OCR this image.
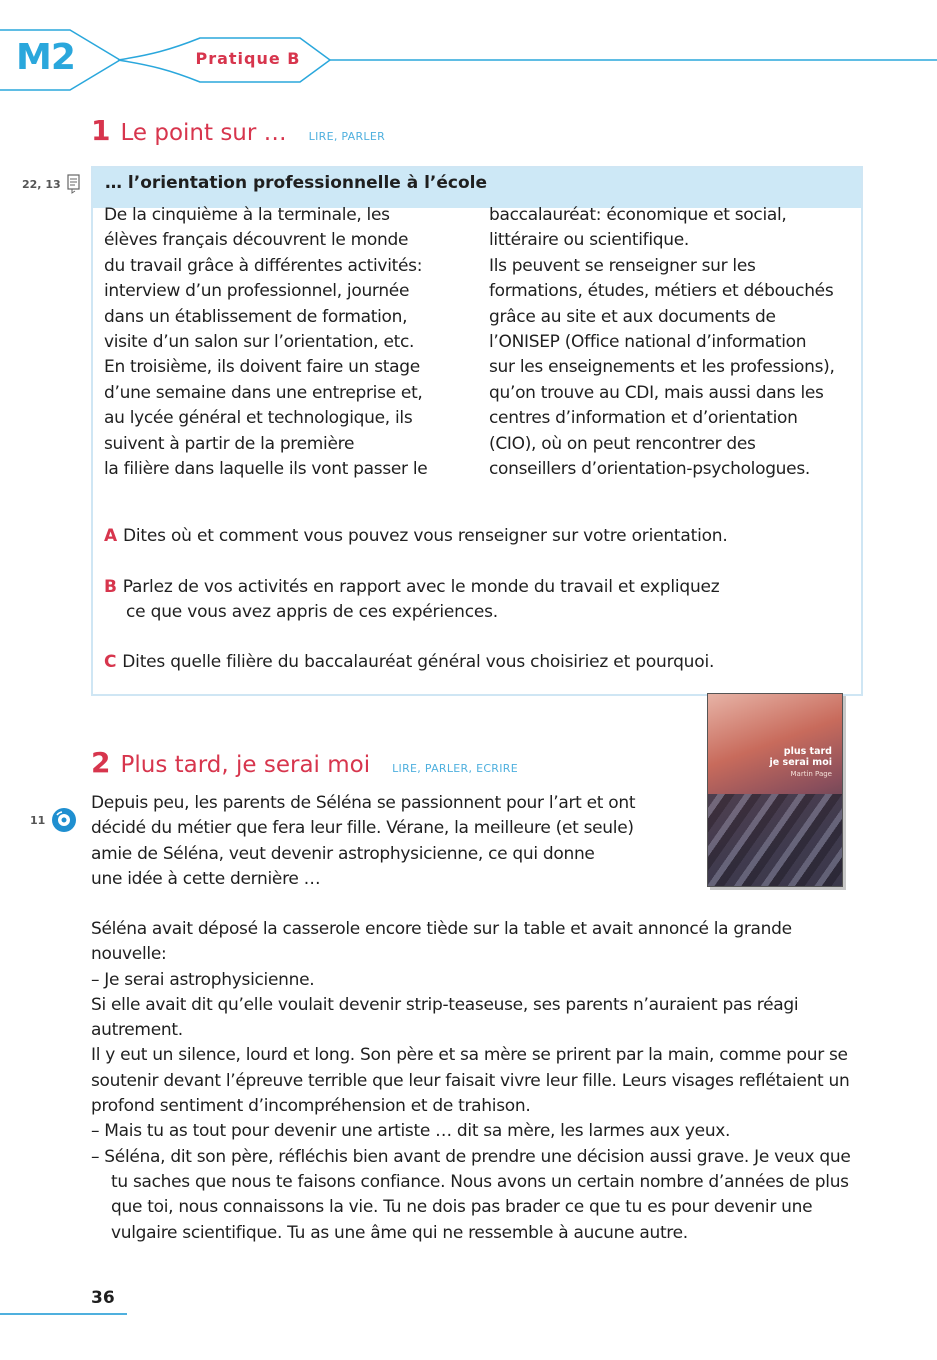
M2	Pratique B
1 Le point sur … LIRE, PARLER
22, 13	… l’orientation professionnelle à l’école
De la cinquième à la terminale, les
élèves français découvrent le monde
du travail grâce à différentes activités:
interview d’un professionnel, journée
dans un établissement de formation,
visite d’un salon sur l’orientation, etc.
En troisième, ils doivent faire un stage
d’une semaine dans une entreprise et,
au lycée général et technologique, ils
suivent à partir de la première
la filière dans laquelle ils vont passer le
baccalauréat: économique et social,
littéraire ou scientifique.
Ils peuvent se renseigner sur les
formations, études, métiers et débouchés
grâce au site et aux documents de
l’ONISEP (Office national d’information
sur les enseignements et les professions),
qu’on trouve au CDI, mais aussi dans les
centres d’information et d’orientation
(CIO), où on peut rencontrer des
conseillers d’orientation-psychologues.
A Dites où et comment vous pouvez vous renseigner sur votre orientation.
B Parlez de vos activités en rapport avec le monde du travail et expliquez
ce que vous avez appris de ces expériences.
C Dites quelle filière du baccalauréat général vous choisiriez et pourquoi.
2 Plus tard, je serai moi LIRE, PARLER, ECRIRE
11
plus tard
je serai moi
Martin Page
Depuis peu, les parents de Séléna se passionnent pour l’art et ont
décidé du métier que fera leur fille. Vérane, la meilleure (et seule)
amie de Séléna, veut devenir astrophysicienne, ce qui donne
une idée à cette dernière …

Séléna avait déposé la casserole encore tiède sur la table et avait annoncé la grande nouvelle:

– Je serai astrophysicienne.

Si elle avait dit qu’elle voulait devenir strip-teaseuse, ses parents n’auraient pas réagi autrement.

Il y eut un silence, lourd et long. Son père et sa mère se prirent par la main, comme pour se soutenir devant l’épreuve terrible que leur faisait vivre leur fille. Leurs visages reflétaient un profond sentiment d’incompréhension et de trahison.

– Mais tu as tout pour devenir une artiste … dit sa mère, les larmes aux yeux.

– Séléna, dit son père, réfléchis bien avant de prendre une décision aussi grave. Je veux que tu saches que nous te faisons confiance. Nous avons un certain nombre d’années de plus que toi, nous connaissons la vie. Tu ne dois pas brader ce que tu es pour devenir une vulgaire scientifique. Tu as une âme qui ne ressemble à aucune autre.

36
